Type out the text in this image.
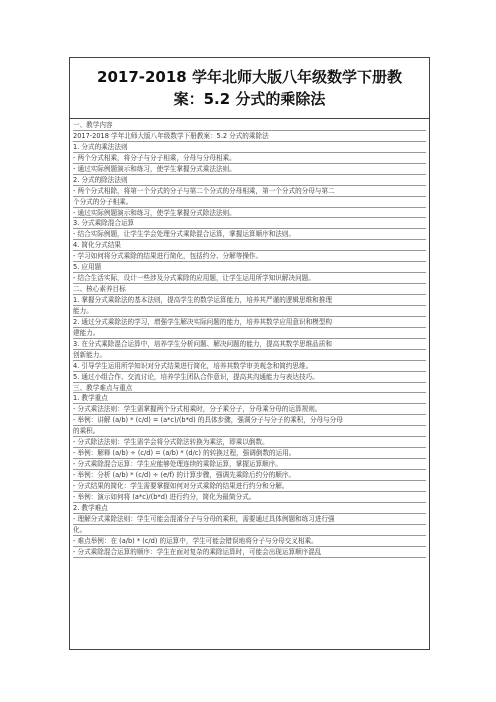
2017-2018 学年北师大版八年级数学下册教
案：5.2 分式的乘除法
一、教学内容
2017-2018 学年北师大版八年级数学下册教案：5.2 分式的乘除法
1. 分式的乘法法则
- 两个分式相乘，将分子与分子相乘，分母与分母相乘。
- 通过实际例题演示和练习，使学生掌握分式乘法法则。
2. 分式的除法法则
- 两个分式相除，将第一个分式的分子与第二个分式的分母相乘，第一个分式的分母与第二
个分式的分子相乘。
- 通过实际例题演示和练习，使学生掌握分式除法法则。
3. 分式乘除混合运算
- 结合实际例题，让学生学会处理分式乘除混合运算，掌握运算顺序和法则。
4. 简化分式结果
- 学习如何将分式乘除的结果进行简化，包括约分、分解等操作。
5. 应用题
- 结合生活实际，设计一些涉及分式乘除的应用题，让学生运用所学知识解决问题。
二、核心素养目标
1. 掌握分式乘除法的基本法则，提高学生的数学运算能力，培养其严谨的逻辑思维和推理
能力。
2. 通过分式乘除法的学习，增强学生解决实际问题的能力，培养其数学应用意识和模型构
建能力。
3. 在分式乘除混合运算中，培养学生分析问题、解决问题的能力，提高其数学思维品质和
创新能力。
4. 引导学生运用所学知识对分式结果进行简化，培养其数学审美观念和简约思维。
5. 通过小组合作、交流讨论，培养学生团队合作意识，提高其沟通能力与表达技巧。
三、教学难点与重点
1. 教学重点
- 分式乘法法则：学生需掌握两个分式相乘时，分子乘分子，分母乘分母的运算规则。
- 举例：讲解 (a/b) * (c/d) = (a*c)/(b*d) 的具体步骤，强调分子与分子的乘积，分母与分母
的乘积。
- 分式除法法则：学生需学会将分式除法转换为乘法，即乘以倒数。
- 举例：解释 (a/b) ÷ (c/d) = (a/b) * (d/c) 的转换过程，强调倒数的运用。
- 分式乘除混合运算：学生应能够处理连续的乘除运算，掌握运算顺序。
- 举例：分析 (a/b) * (c/d) ÷ (e/f) 的计算步骤，强调先乘除后约分的顺序。
- 分式结果的简化：学生需要掌握如何对分式乘除的结果进行约分和分解。
- 举例：演示如何将 (a*c)/(b*d) 进行约分，简化为最简分式。
2. 教学难点
- 理解分式乘除法则：学生可能会混淆分子与分母的乘积，需要通过具体例题和练习进行强
化。
- 难点举例：在 (a/b) * (c/d) 的运算中，学生可能会错误地将分子与分母交叉相乘。
- 分式乘除混合运算的顺序：学生在面对复杂的乘除运算时，可能会出现运算顺序混乱
